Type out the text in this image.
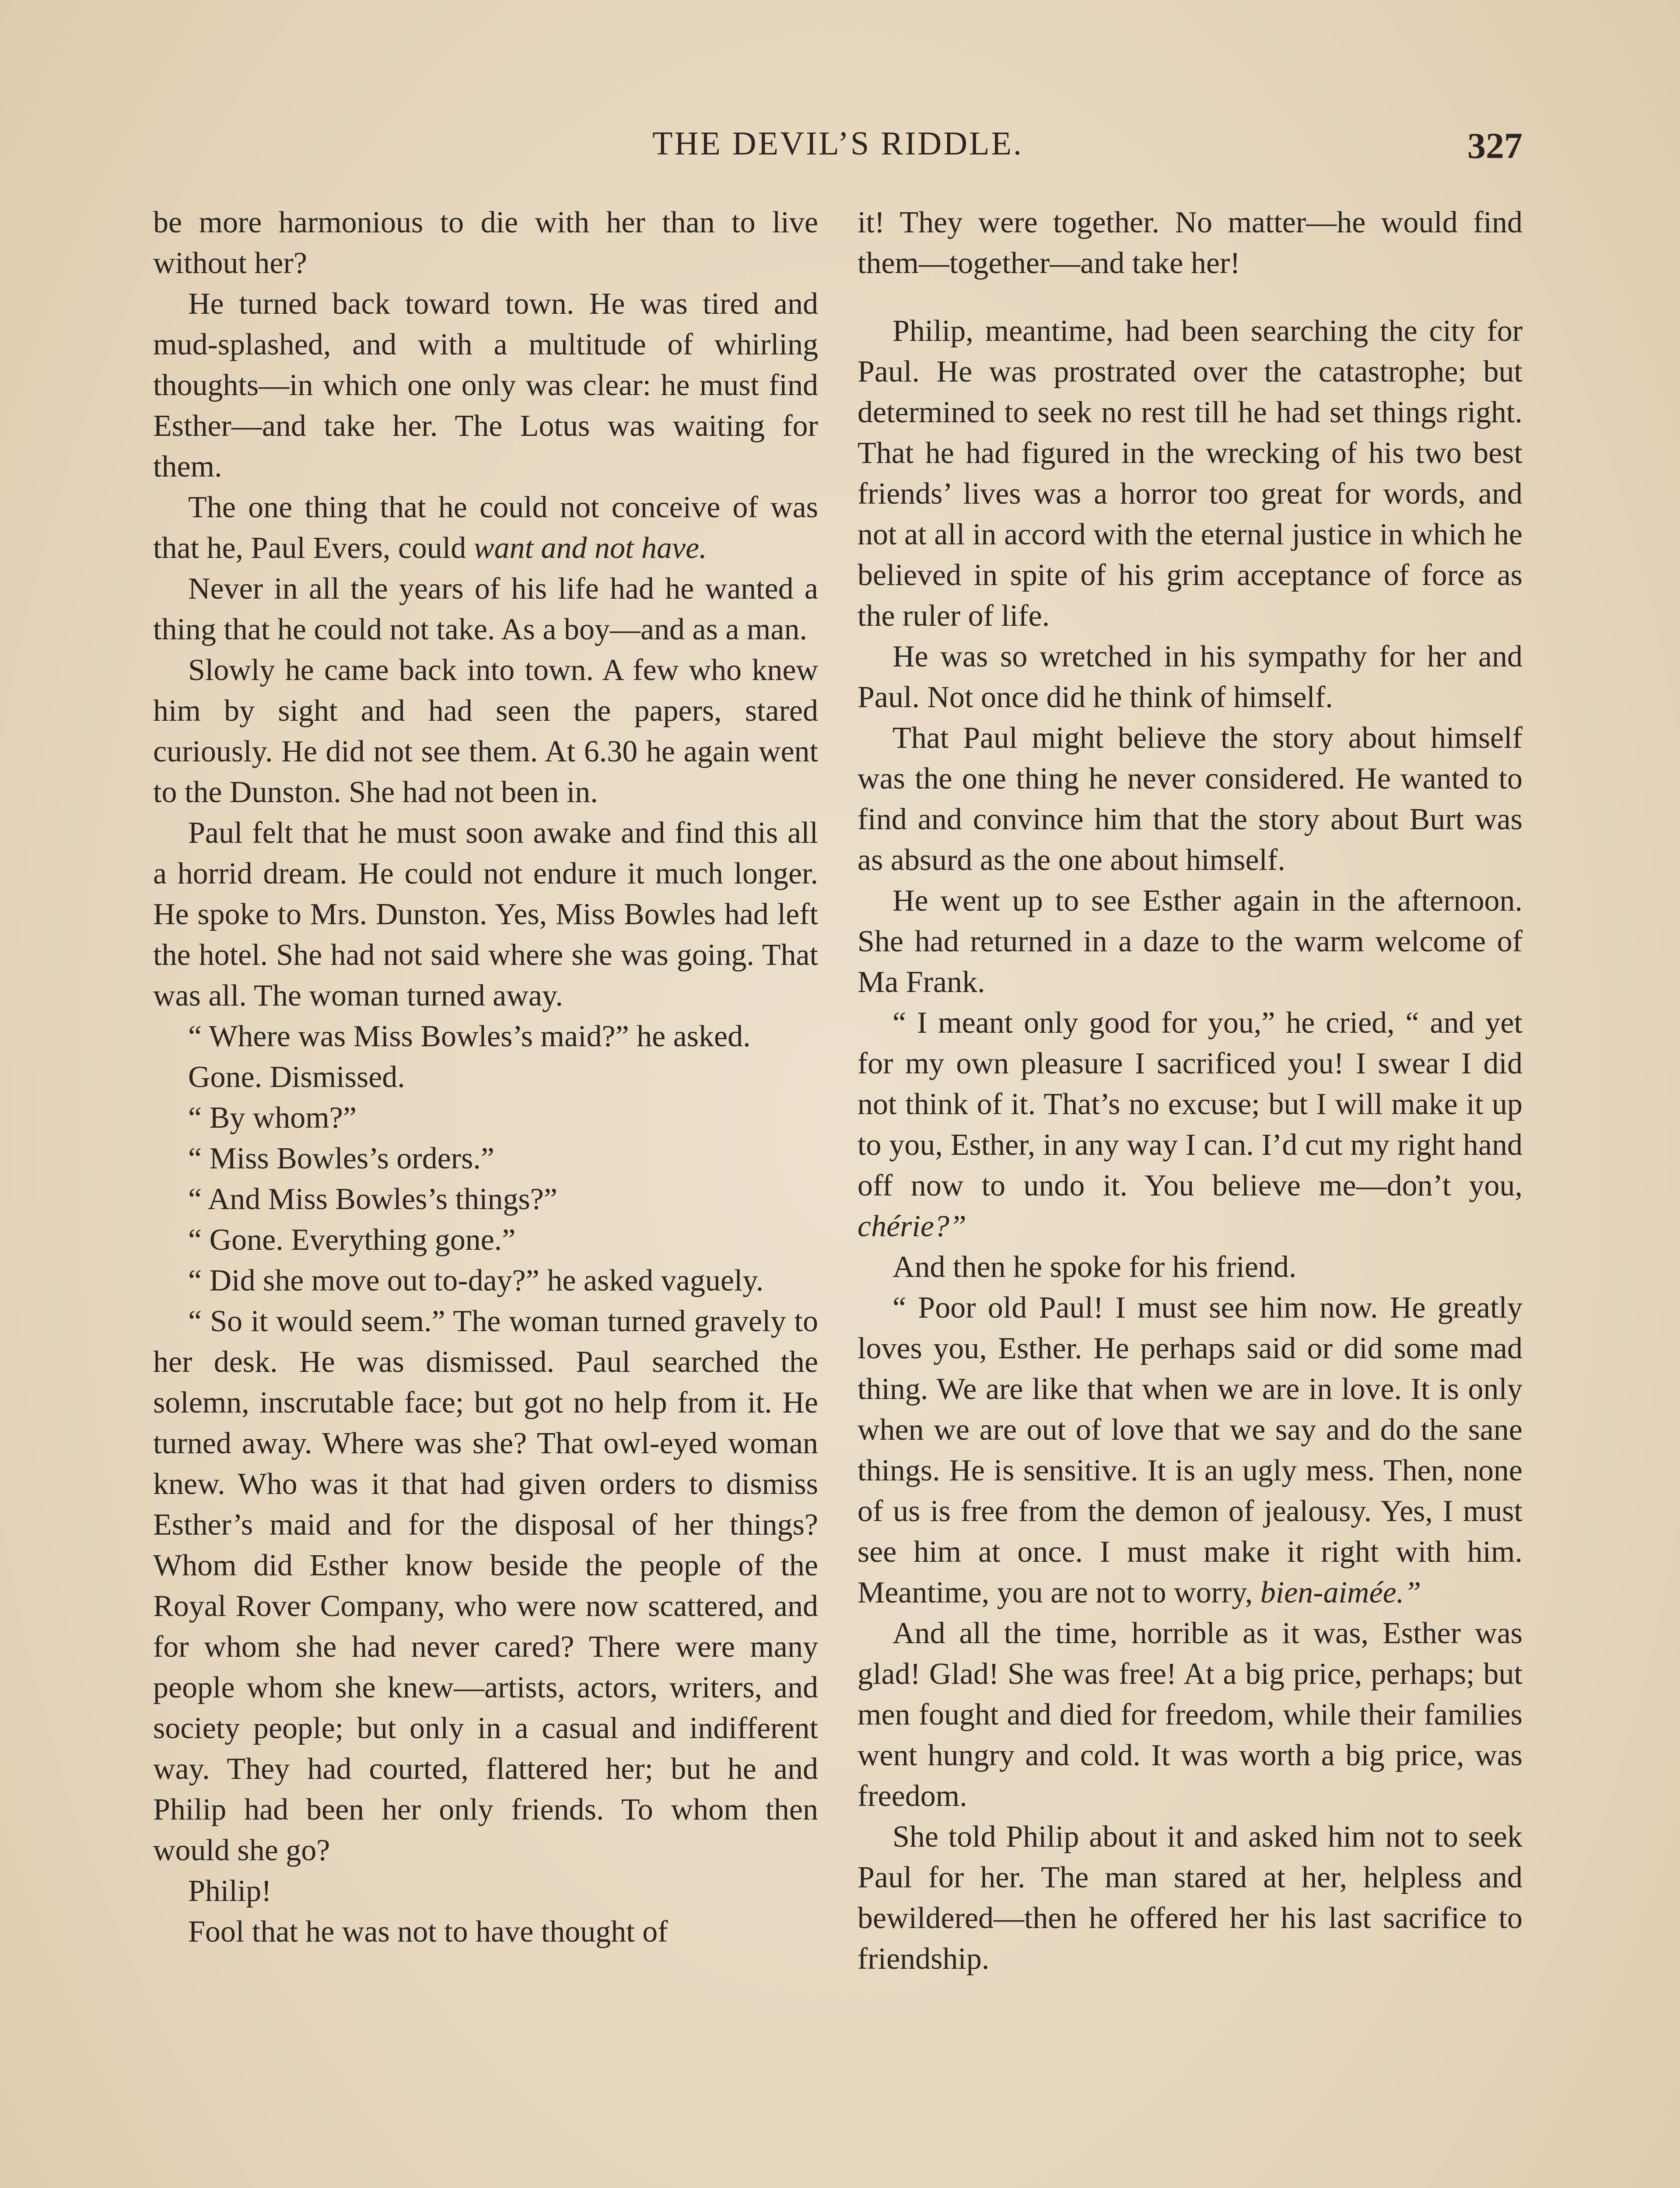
THE DEVIL’S RIDDLE.	327

be more harmonious to die with her than to live without her?

He turned back toward town. He was tired and mud-splashed, and with a multitude of whirling thoughts—in which one only was clear: he must find Esther—and take her. The Lotus was waiting for them.

The one thing that he could not conceive of was that he, Paul Evers, could want and not have.

Never in all the years of his life had he wanted a thing that he could not take. As a boy—and as a man.

Slowly he came back into town. A few who knew him by sight and had seen the papers, stared curiously. He did not see them. At 6.30 he again went to the Dunston. She had not been in.

Paul felt that he must soon awake and find this all a horrid dream. He could not endure it much longer. He spoke to Mrs. Dunston. Yes, Miss Bowles had left the hotel. She had not said where she was going. That was all. The woman turned away.

“ Where was Miss Bowles’s maid?” he asked.

Gone. Dismissed.

“ By whom?”

“ Miss Bowles’s orders.”

“ And Miss Bowles’s things?”

“ Gone. Everything gone.”

“ Did she move out to-day?” he asked vaguely.

“ So it would seem.” The woman turned gravely to her desk. He was dismissed. Paul searched the solemn, inscrutable face; but got no help from it. He turned away. Where was she? That owl-eyed woman knew. Who was it that had given orders to dismiss Esther’s maid and for the disposal of her things? Whom did Esther know beside the people of the Royal Rover Company, who were now scattered, and for whom she had never cared? There were many people whom she knew—artists, actors, writers, and society people; but only in a casual and indifferent way. They had courted, flattered her; but he and Philip had been her only friends. To whom then would she go?

Philip!

Fool that he was not to have thought of

it! They were together. No matter—he would find them—together—and take her!

Philip, meantime, had been searching the city for Paul. He was prostrated over the catastrophe; but determined to seek no rest till he had set things right. That he had figured in the wrecking of his two best friends’ lives was a horror too great for words, and not at all in accord with the eternal justice in which he believed in spite of his grim acceptance of force as the ruler of life.

He was so wretched in his sympathy for her and Paul. Not once did he think of himself.

That Paul might believe the story about himself was the one thing he never considered. He wanted to find and convince him that the story about Burt was as absurd as the one about himself.

He went up to see Esther again in the afternoon. She had returned in a daze to the warm welcome of Ma Frank.

“ I meant only good for you,” he cried, “ and yet for my own pleasure I sacrificed you! I swear I did not think of it. That’s no excuse; but I will make it up to you, Esther, in any way I can. I’d cut my right hand off now to undo it. You believe me—don’t you, chérie?”

And then he spoke for his friend.

“ Poor old Paul! I must see him now. He greatly loves you, Esther. He perhaps said or did some mad thing. We are like that when we are in love. It is only when we are out of love that we say and do the sane things. He is sensitive. It is an ugly mess. Then, none of us is free from the demon of jealousy. Yes, I must see him at once. I must make it right with him. Meantime, you are not to worry, bien-aimée.”

And all the time, horrible as it was, Esther was glad! Glad! She was free! At a big price, perhaps; but men fought and died for freedom, while their families went hungry and cold. It was worth a big price, was freedom.

She told Philip about it and asked him not to seek Paul for her. The man stared at her, helpless and bewildered—then he offered her his last sacrifice to friendship.
